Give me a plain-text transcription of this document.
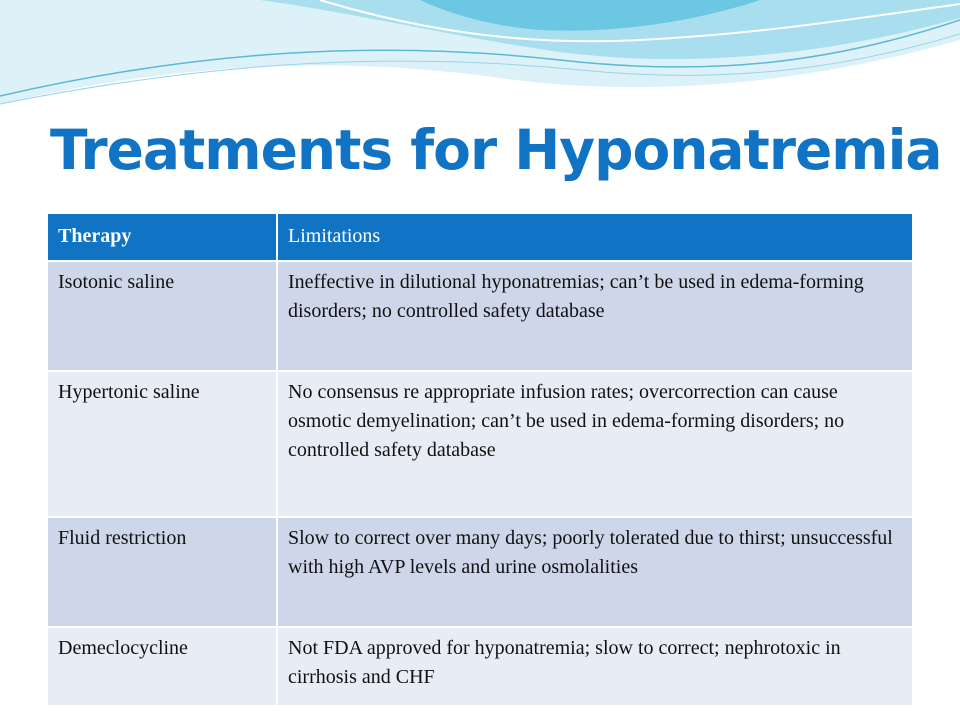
Treatments for Hyponatremia
Therapy	Limitations
Isotonic saline	Ineffective in dilutional hyponatremias; can’t be used in edema-forming disorders; no controlled safety database
Hypertonic saline	No consensus re appropriate infusion rates; overcorrection can cause osmotic demyelination; can’t be used in edema-forming disorders; no controlled safety database
Fluid restriction	Slow to correct over many days; poorly tolerated due to thirst; unsuccessful with high AVP levels and urine osmolalities
Demeclocycline	Not FDA approved for hyponatremia; slow to correct; nephrotoxic in cirrhosis and CHF
